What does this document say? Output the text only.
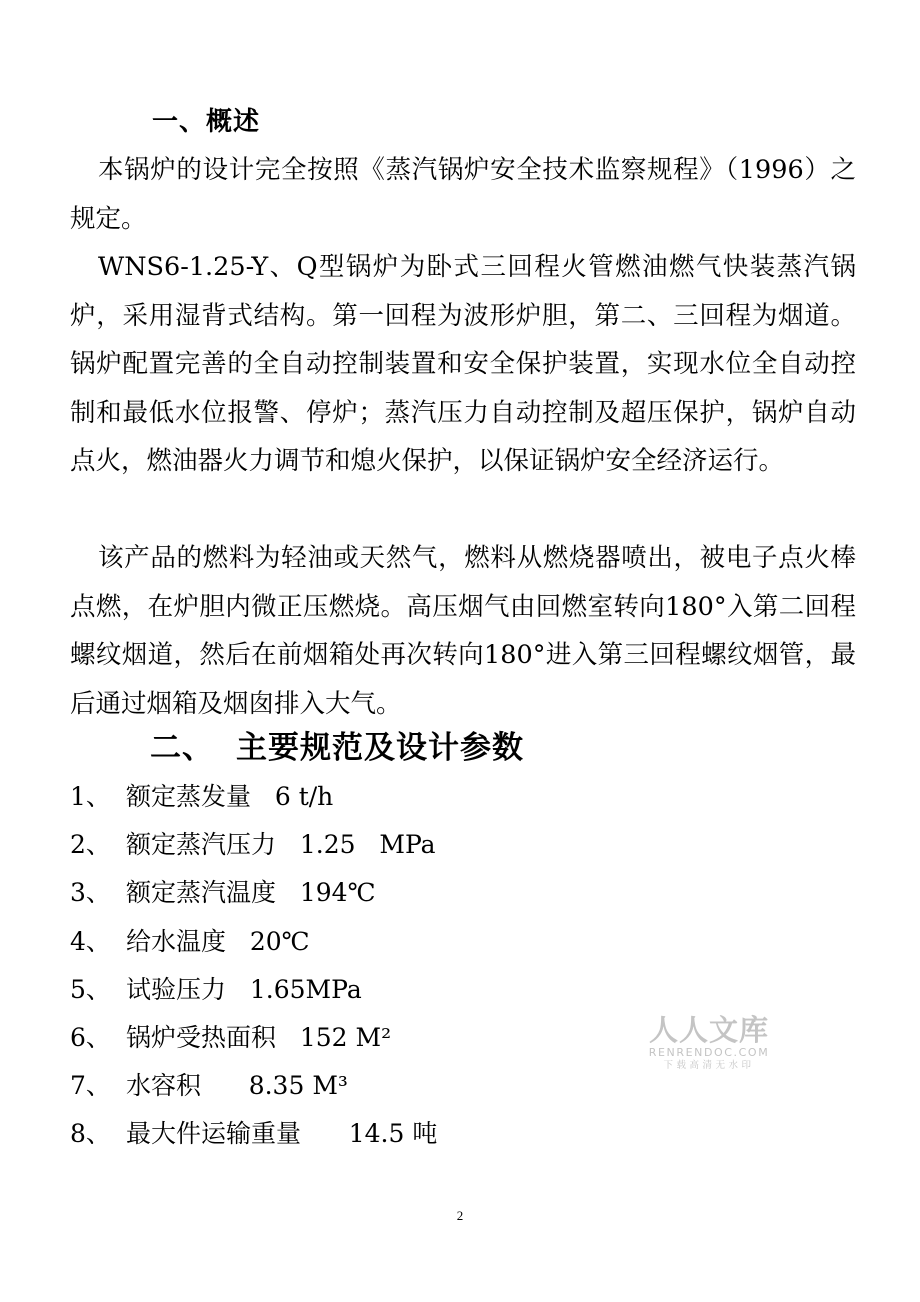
一、概述

本锅炉的设计完全按照《蒸汽锅炉安全技术监察规程》（1996）之规定。

WNS6-1.25-Y、Q型锅炉为卧式三回程火管燃油燃气快装蒸汽锅炉，采用湿背式结构。第一回程为波形炉胆，第二、三回程为烟道。锅炉配置完善的全自动控制装置和安全保护装置，实现水位全自动控制和最低水位报警、停炉；蒸汽压力自动控制及超压保护，锅炉自动点火，燃油器火力调节和熄火保护，以保证锅炉安全经济运行。

该产品的燃料为轻油或天然气，燃料从燃烧器喷出，被电子点火棒点燃，在炉胆内微正压燃烧。高压烟气由回燃室转向180°入第二回程螺纹烟道，然后在前烟箱处再次转向180°进入第三回程螺纹烟管，最后通过烟箱及烟囱排入大气。

二、 主要规范及设计参数
1、 额定蒸发量 6 t/h
2、 额定蒸汽压力 1.25   MPa
3、 额定蒸汽温度 194℃
4、 给水温度 20℃
5、 试验压力 1.65MPa
6、 锅炉受热面积 152 M²
7、 水容积 8.35 M³
8、 最大件运输重量 14.5 吨
人人文库
RENRENDOC.COM
下载高清无水印
2
